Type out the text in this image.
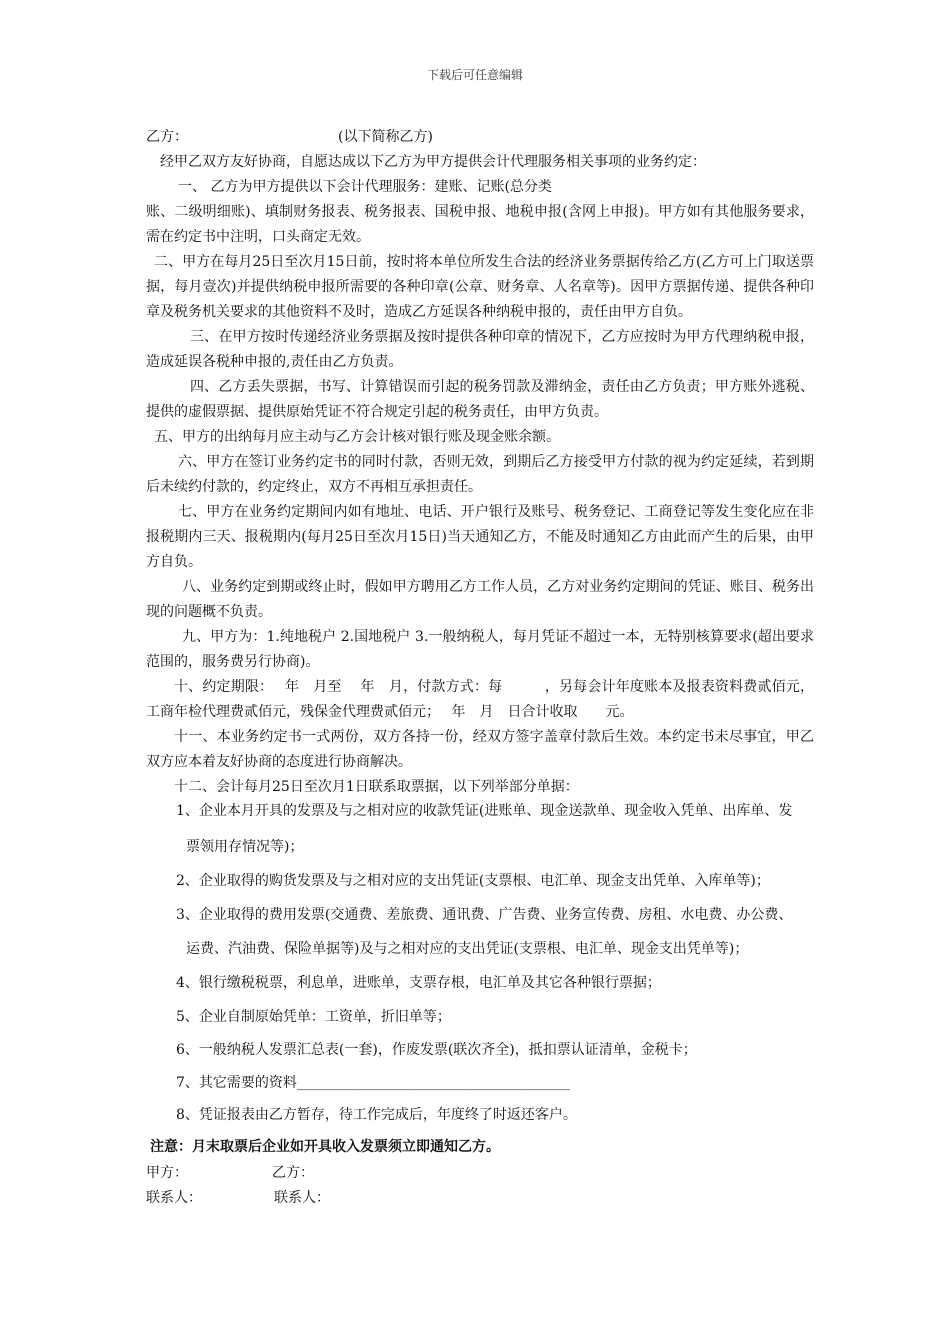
下载后可任意编辑
乙方：	(以下简称乙方)

经甲乙双方友好协商，自愿达成以下乙方为甲方提供会计代理服务相关事项的业务约定：

一、 乙方为甲方提供以下会计代理服务：建账、记账(总分类

账、二级明细账)、填制财务报表、税务报表、国税申报、地税申报(含网上申报)。甲方如有其他服务要求，需在约定书中注明，口头商定无效。

二、甲方在每月25日至次月15日前，按时将本单位所发生合法的经济业务票据传给乙方(乙方可上门取送票据，每月壹次)并提供纳税申报所需要的各种印章(公章、财务章、人名章等)。因甲方票据传递、提供各种印章及税务机关要求的其他资料不及时，造成乙方延误各种纳税申报的，责任由甲方自负。

三、在甲方按时传递经济业务票据及按时提供各种印章的情况下，乙方应按时为甲方代理纳税申报，造成延误各税种申报的,责任由乙方负责。

四、乙方丢失票据，书写、计算错误而引起的税务罚款及滞纳金，责任由乙方负责；甲方账外逃税、提供的虚假票据、提供原始凭证不符合规定引起的税务责任，由甲方负责。

五、甲方的出纳每月应主动与乙方会计核对银行账及现金账余额。

六、甲方在签订业务约定书的同时付款，否则无效，到期后乙方接受甲方付款的视为约定延续，若到期后未续约付款的，约定终止，双方不再相互承担责任。

七、甲方在业务约定期间内如有地址、电话、开户银行及账号、税务登记、工商登记等发生变化应在非报税期内三天、报税期内(每月25日至次月15日)当天通知乙方，不能及时通知乙方由此而产生的后果，由甲方自负。

八、业务约定到期或终止时，假如甲方聘用乙方工作人员，乙方对业务约定期间的凭证、账目、税务出现的问题概不负责。

九、甲方为：1.纯地税户 2.国地税户 3.一般纳税人，每月凭证不超过一本，无特别核算要求(超出要求范围的，服务费另行协商)。

十、约定期限：　 年　月至　 年　月，付款方式：每　　　，另每会计年度账本及报表资料费贰佰元，工商年检代理费贰佰元，残保金代理费贰佰元；　 年　月　日合计收取　　元。

十一、本业务约定书一式两份，双方各持一份，经双方签字盖章付款后生效。本约定书未尽事宜，甲乙双方应本着友好协商的态度进行协商解决。

十二、会计每月25日至次月1日联系取票据，以下列举部分单据：

1、企业本月开具的发票及与之相对应的收款凭证(进账单、现金送款单、现金收入凭单、出库单、发
票领用存情况等)；
2、企业取得的购货发票及与之相对应的支出凭证(支票根、电汇单、现金支出凭单、入库单等)；
3、企业取得的费用发票(交通费、差旅费、通讯费、广告费、业务宣传费、房租、水电费、办公费、
运费、汽油费、保险单据等)及与之相对应的支出凭证(支票根、电汇单、现金支出凭单等)；
4、银行缴税税票，利息单，进账单，支票存根，电汇单及其它各种银行票据；
5、企业自制原始凭单：工资单，折旧单等；
6、一般纳税人发票汇总表(一套)，作废发票(联次齐全)，抵扣票认证清单，金税卡；
7、其它需要的资料_______________________________________
8、凭证报表由乙方暂存，待工作完成后，年度终了时返还客户。
注意：月末取票后企业如开具收入发票须立即通知乙方。
甲方：	乙方：
联系人：	联系人：
